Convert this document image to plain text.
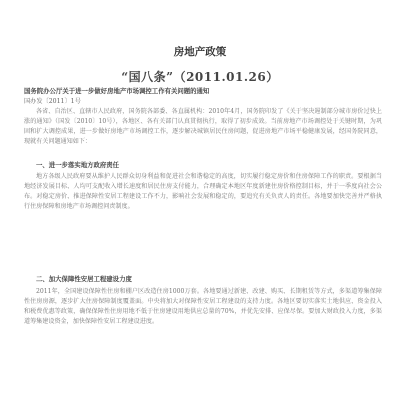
房地产政策
“国八条”（2011.01.26）
国务院办公厅关于进一步做好房地产市场调控工作有关问题的通知
国办发〔2011〕1号

各省、自治区、直辖市人民政府，国务院各部委、各直属机构：2010年4月，国务院印发了《关于坚决遏制部分城市房价过快上涨的通知》（国发〔2010〕10号），各地区、各有关部门认真贯彻执行，取得了初步成效。当前房地产市场调控处于关键时期，为巩固和扩大调控成果，进一步做好房地产市场调控工作，逐步解决城镇居民住房问题，促进房地产市场平稳健康发展，经国务院同意，现就有关问题通知如下：

一、进一步落实地方政府责任

地方各级人民政府要从维护人民群众切身利益和促进社会和谐稳定的高度，切实履行稳定房价和住房保障工作的职责。要根据当地经济发展目标、人均可支配收入增长速度和居民住房支付能力，合理确定本地区年度新建住房价格控制目标，并于一季度向社会公布。对稳定房价、推进保障性安居工程建设工作不力，影响社会发展和稳定的，要追究有关负责人的责任。各地要加快完善并严格执行住房保障和房地产市场调控问责制度。

二、加大保障性安居工程建设力度

2011年，全国建设保障性住房和棚户区改造住房1000万套。各地要通过新建、改建、购买、长期租赁等方式，多渠道筹集保障性住房房源，逐步扩大住房保障制度覆盖面。中央将加大对保障性安居工程建设的支持力度。各地区要切实落实土地供应、资金投入和税费优惠等政策，确保保障性住房用地不低于住房建设用地供应总量的70%，并优先安排、应保尽保。要加大财政投入力度，多渠道筹集建设资金，加快保障性安居工程建设进度。
